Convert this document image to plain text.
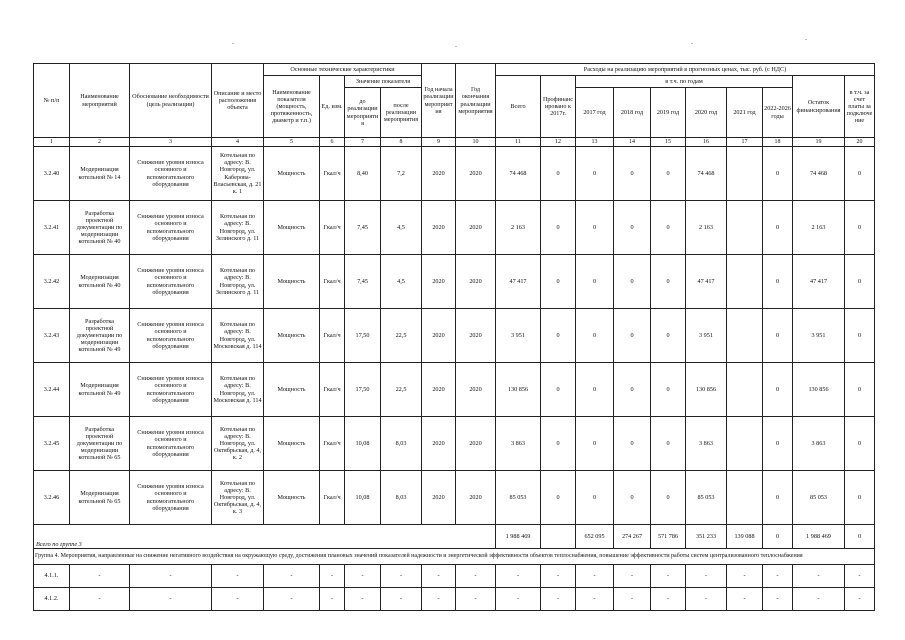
№ п/п	Наименование мероприятий	Обоснование необходимости (цель реализации)	Описание и место расположения объекта	Основные технические характеристики				Год начала реализации мероприятия	Год окончания реализации мероприятия	Расходы на реализацию мероприятий в прогнозных ценах, тыс. руб. (с НДС)									
				Наименование показателя (мощность, протяженность, диаметр и т.п.)	Ед. изм.	Значение показателя				Всего	Профинансировано к 2017г.	в т.ч. по годам						Остаток финансирования	в т.ч. за счет платы за подключение
						до реализации мероприятия	после реализации мероприятия					2017 год	2018 год	2019 год	2020 год	2021 год	2022-2026 годы		
1	2	3	4	5	6	7	8	9	10	11	12	13	14	15	16	17	18	19	20
3.2.40	Модернизация котельной № 14	Снижение уровня износа основного и вспомогательного оборудования	Котельная по адресу: В. Новгород, ул. Каберова-Власьевская, д. 21 к. 1	Мощность	Гкал/ч	8,40	7,2	2020	2020	74 468	0	0	0	0	74 468		0	74 468	0
3.2.41	Разработка проектной документации по модернизации котельной № 40	Снижение уровня износа основного и вспомогательного оборудования	Котельная по адресу: В. Новгород, ул. Зелинского д. 11	Мощность	Гкал/ч	7,45	4,5	2020	2020	2 163	0	0	0	0	2 163		0	2 163	0
3.2.42	Модернизация котельной № 40	Снижение уровня износа основного и вспомогательного оборудования	Котельная по адресу: В. Новгород, ул. Зелинского д. 11	Мощность	Гкал/ч	7,45	4,5	2020	2020	47 417	0	0	0	0	47 417		0	47 417	0
3.2.43	Разработка проектной документации по модернизации котельной № 49	Снижение уровня износа основного и вспомогательного оборудования	Котельная по адресу: В. Новгород, ул. Московская д. 114	Мощность	Гкал/ч	17,50	22,5	2020	2020	3 951	0	0	0	0	3 951		0	3 951	0
3.2.44	Модернизация котельной № 49	Снижение уровня износа основного и вспомогательного оборудования	Котельная по адресу: В. Новгород, ул. Московская д. 114	Мощность	Гкал/ч	17,50	22,5	2020	2020	130 856	0	0	0	0	130 856		0	130 856	0
3.2.45	Разработка проектной документации по модернизации котельной № 65	Снижение уровня износа основного и вспомогательного оборудования	Котельная по адресу: В. Новгород, ул. Октябрьская, д. 4, к. 2	Мощность	Гкал/ч	10,08	8,03	2020	2020	3 863	0	0	0	0	3 863		0	3 863	0
3.2.46	Модернизация котельной № 65	Снижение уровня износа основного и вспомогательного оборудования	Котельная по адресу: В. Новгород, ул. Октябрьская, д. 4, к. 3	Мощность	Гкал/ч	10,08	8,03	2020	2020	85 053	0	0	0	0	85 053		0	85 053	0
Всего по группе 3										1 988 469		652 095	274 267	571 786	351 233	139 088	0	1 988 469	0
Группа 4. Мероприятия, направленные на снижение негативного воздействия на окружающую среду, достижения плановых значений показателей надежности и энергетической эффективности объектов теплоснабжения, повышение эффективности работы систем централизованного теплоснабжения																			
4.1.1.	-	-	-	-	-	-	-	-	-	-	-	-	-	-	-	-	-	-	-
4.1.2.	-	-	-	-	-	-	-	-	-	-	-	-	-	-	-	-	-	-	-
